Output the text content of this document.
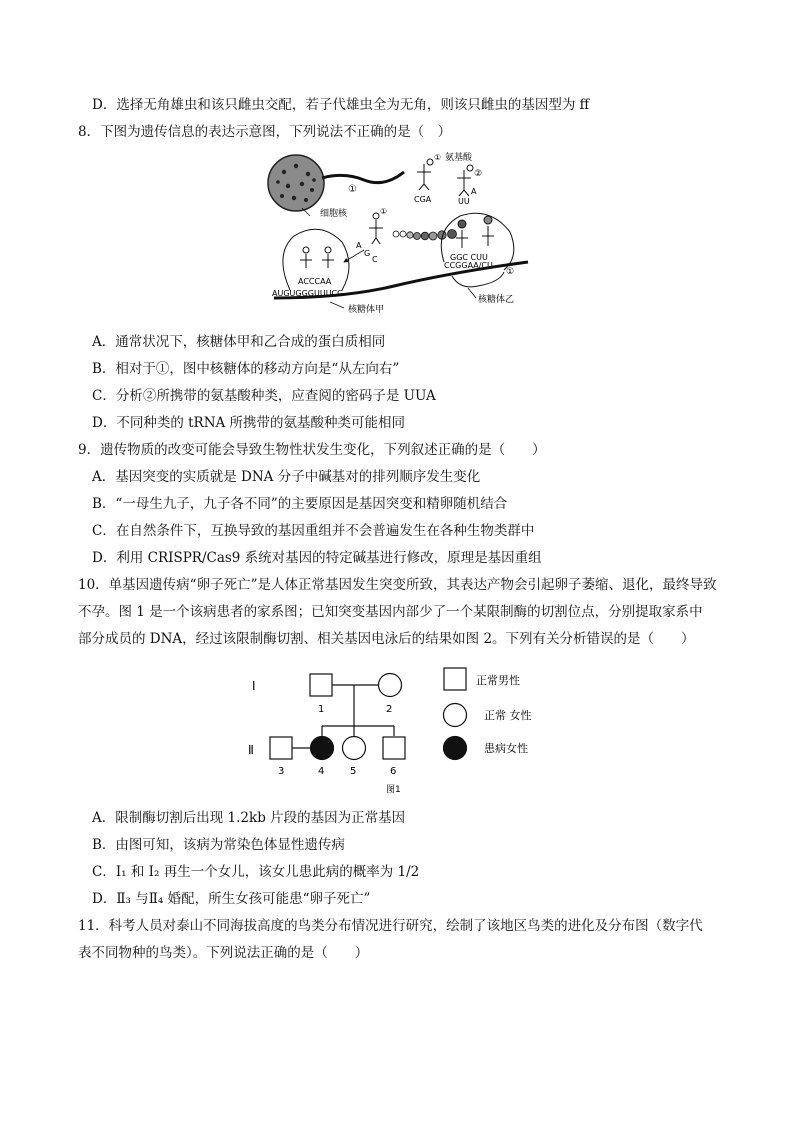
D．选择无角雄虫和该只雌虫交配，若子代雄虫全为无角，则该只雌虫的基因型为 ff
8．下图为遗传信息的表达示意图，下列说法不正确的是（　）
①
细胞核
① 氨基酸
②
CGA	UU
A
①
A
G
C
ACCCAA
GGC CUU
CCGGAA/CU
AUGUGGGUUUCG
①
核糖体甲
核糖体乙
A．通常状况下，核糖体甲和乙合成的蛋白质相同
B．相对于①，图中核糖体的移动方向是“从左向右”
C．分析②所携带的氨基酸种类，应查阅的密码子是 UUA
D．不同种类的 tRNA 所携带的氨基酸种类可能相同
9．遗传物质的改变可能会导致生物性状发生变化，下列叙述正确的是（　　）
A．基因突变的实质就是 DNA 分子中碱基对的排列顺序发生变化
B．“一母生九子，九子各不同”的主要原因是基因突变和精卵随机结合
C．在自然条件下，互换导致的基因重组并不会普遍发生在各种生物类群中
D．利用 CRISPR/Cas9 系统对基因的特定碱基进行修改，原理是基因重组
10．单基因遗传病“卵子死亡”是人体正常基因发生突变所致，其表达产物会引起卵子萎缩、退化，最终导致
不孕。图 1 是一个该病患者的家系图；已知突变基因内部少了一个某限制酶的切割位点，分别提取家系中
部分成员的 DNA，经过该限制酶切割、相关基因电泳后的结果如图 2。下列有关分析错误的是（　　）
Ⅰ
Ⅱ
1	2
3	4	5	6
图1
正常男性
正常 女性
患病女性
A．限制酶切割后出现 1.2kb 片段的基因为正常基因
B．由图可知，该病为常染色体显性遗传病
C．I₁ 和 I₂ 再生一个女儿，该女儿患此病的概率为 1/2
D．Ⅱ₃ 与Ⅱ₄ 婚配，所生女孩可能患“卵子死亡”
11．科考人员对泰山不同海拔高度的鸟类分布情况进行研究，绘制了该地区鸟类的进化及分布图（数字代
表不同物种的鸟类）。下列说法正确的是（　　）
